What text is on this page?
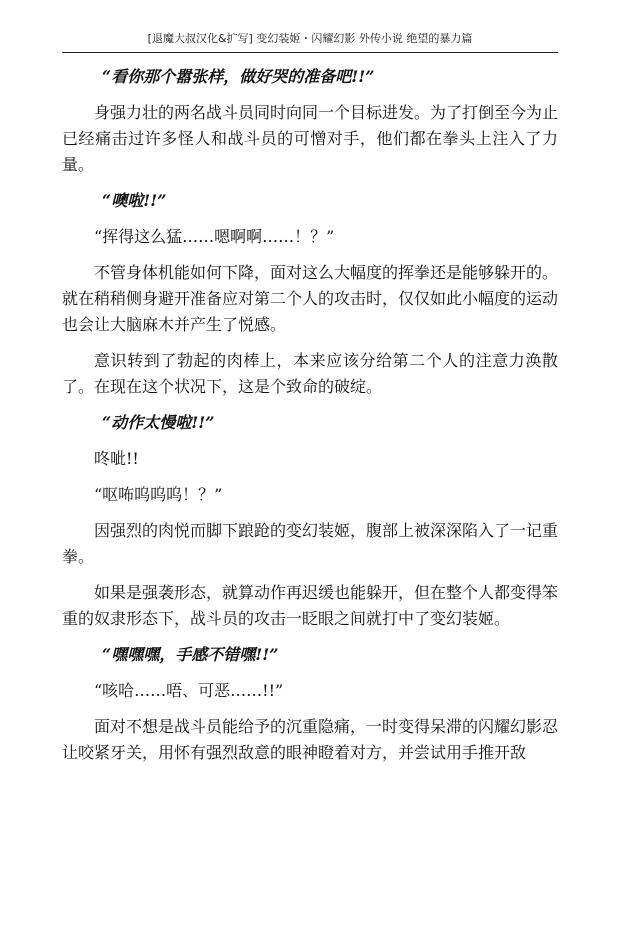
[退魔大叔汉化&扩写] 变幻装姬・闪耀幻影 外传小说 绝望的暴力篇

“看你那个嚣张样，做好哭的准备吧!!”

身强力壮的两名战斗员同时向同一个目标进发。为了打倒至今为止已经痛击过许多怪人和战斗员的可憎对手，他们都在拳头上注入了力量。

“噢啦!!”

“挥得这么猛……嗯啊啊……！？”

不管身体机能如何下降，面对这么大幅度的挥拳还是能够躲开的。就在稍稍侧身避开准备应对第二个人的攻击时，仅仅如此小幅度的运动也会让大脑麻木并产生了悦感。

意识转到了勃起的肉棒上，本来应该分给第二个人的注意力涣散了。在现在这个状况下，这是个致命的破绽。

“动作太慢啦!!”

咚呲!!

“呕咘呜呜呜！？”

因强烈的肉悦而脚下踉跄的变幻装姬，腹部上被深深陷入了一记重拳。

如果是强袭形态，就算动作再迟缓也能躲开，但在整个人都变得笨重的奴隶形态下，战斗员的攻击一眨眼之间就打中了变幻装姬。

“嘿嘿嘿，手感不错嘿!!”

“咳哈……唔、可恶……!!”

面对不想是战斗员能给予的沉重隐痛，一时变得呆滞的闪耀幻影忍让咬紧牙关，用怀有强烈敌意的眼神瞪着对方，并尝试用手推开敌
